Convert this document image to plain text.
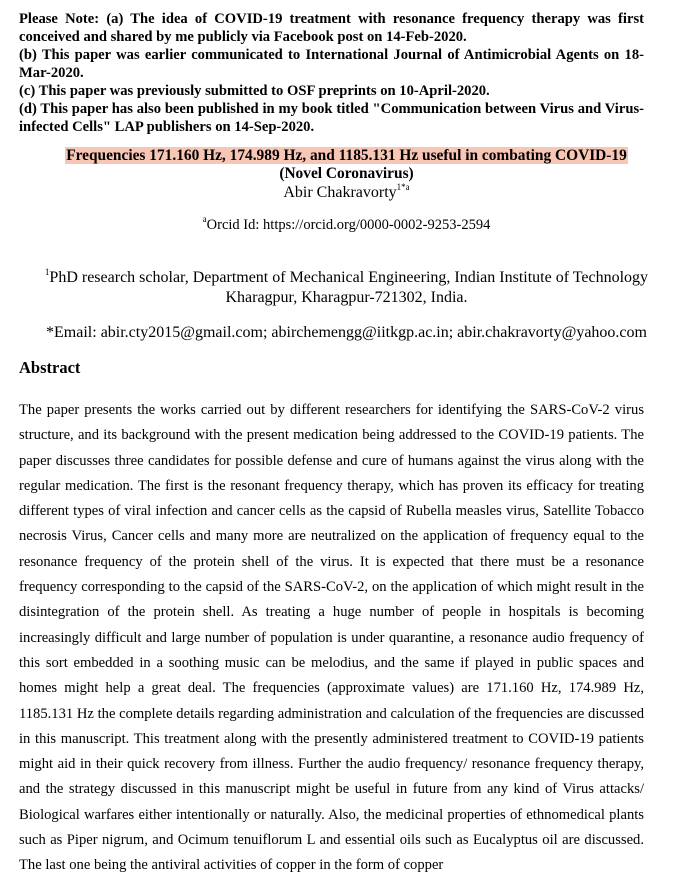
Please Note: (a) The idea of COVID-19 treatment with resonance frequency therapy was first conceived and shared by me publicly via Facebook post on 14-Feb-2020.

(b) This paper was earlier communicated to International Journal of Antimicrobial Agents on 18-Mar-2020.

(c) This paper was previously submitted to OSF preprints on 10-April-2020.

(d) This paper has also been published in my book titled "Communication between Virus and Virus-infected Cells" LAP publishers on 14-Sep-2020.

Frequencies 171.160 Hz, 174.989 Hz, and 1185.131 Hz useful in combating COVID-19
(Novel Coronavirus)
Abir Chakravorty$^{1*a}$
$^a$Orcid Id: https://orcid.org/0000-0002-9253-2594
$^1$PhD research scholar, Department of Mechanical Engineering, Indian Institute of Technology Kharagpur, Kharagpur-721302, India.
*Email: abir.cty2015@gmail.com; abirchemengg@iitkgp.ac.in; abir.chakravorty@yahoo.com
Abstract

The paper presents the works carried out by different researchers for identifying the SARS-CoV-2 virus structure, and its background with the present medication being addressed to the COVID-19 patients. The paper discusses three candidates for possible defense and cure of humans against the virus along with the regular medication. The first is the resonant frequency therapy, which has proven its efficacy for treating different types of viral infection and cancer cells as the capsid of Rubella measles virus, Satellite Tobacco necrosis Virus, Cancer cells and many more are neutralized on the application of frequency equal to the resonance frequency of the protein shell of the virus. It is expected that there must be a resonance frequency corresponding to the capsid of the SARS-CoV-2, on the application of which might result in the disintegration of the protein shell. As treating a huge number of people in hospitals is becoming increasingly difficult and large number of population is under quarantine, a resonance audio frequency of this sort embedded in a soothing music can be melodius, and the same if played in public spaces and homes might help a great deal. The frequencies (approximate values) are 171.160 Hz, 174.989 Hz, 1185.131 Hz the complete details regarding administration and calculation of the frequencies are discussed in this manuscript. This treatment along with the presently administered treatment to COVID-19 patients might aid in their quick recovery from illness. Further the audio frequency/ resonance frequency therapy, and the strategy discussed in this manuscript might be useful in future from any kind of Virus attacks/ Biological warfares either intentionally or naturally. Also, the medicinal properties of ethnomedical plants such as Piper nigrum, and Ocimum tenuiflorum L and essential oils such as Eucalyptus oil are discussed. The last one being the antiviral activities of copper in the form of copper
